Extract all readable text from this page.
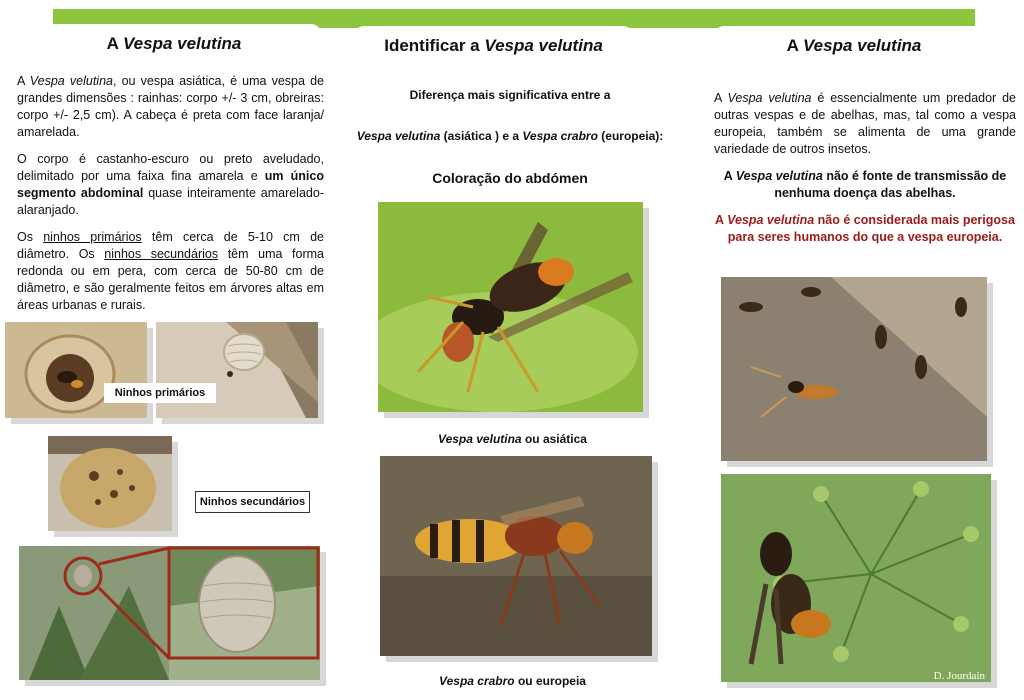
A Vespa velutina

A Vespa velutina, ou vespa asiática, é uma vespa de grandes dimensões : rainhas: corpo +/- 3 cm, obreiras: corpo +/- 2,5 cm). A cabeça é preta com face laranja/ amarelada.

O corpo é castanho-escuro ou preto aveludado, delimitado por uma faixa fina amarela e um único segmento abdominal quase inteiramente amarelado-alaranjado.

Os ninhos primários têm cerca de 5-10 cm de diâmetro. Os ninhos secundários têm uma forma redonda ou em pera, com cerca de 50-80 cm de diâmetro, e são geralmente feitos em árvores altas em áreas urbanas e rurais.

Ninhos primários
Ninhos secundários
Identificar a Vespa velutina
Diferença mais significativa entre a
Vespa velutina (asiática ) e a Vespa crabro (europeia):
Coloração do abdómen
Vespa velutina ou asiática
Vespa crabro ou europeia
A Vespa velutina

A Vespa velutina é essencialmente um predador de outras vespas e de abelhas, mas, tal como a vespa europeia, também se alimenta de uma grande variedade de outros insetos.

A Vespa velutina não é fonte de transmissão de nenhuma doença das abelhas.

A Vespa velutina não é considerada mais perigosa para seres humanos do que a vespa europeia.

D. Jourdain
